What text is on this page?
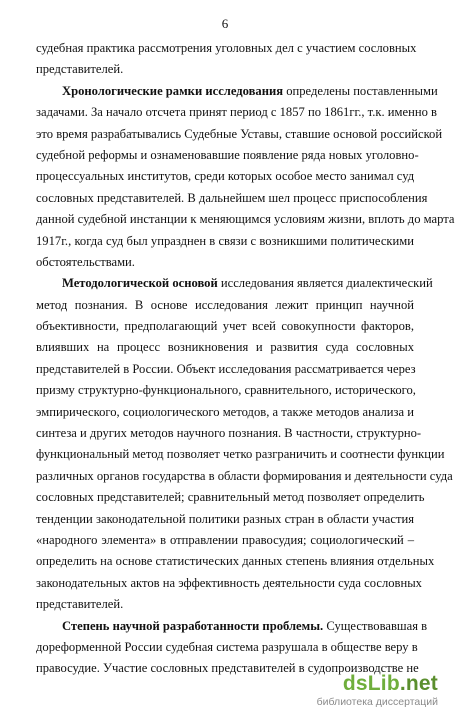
6
судебная практика рассмотрения уголовных дел с участием сословных
представителей.
Хронологические рамки исследования определены поставленными
задачами. За начало отсчета принят период с 1857 по 1861гг., т.к. именно в
это время разрабатывались Судебные Уставы, ставшие основой российской
судебной реформы и ознаменовавшие появление ряда новых уголовно-
процессуальных институтов, среди которых особое место занимал суд
сословных представителей. В дальнейшем шел процесс приспособления
данной судебной инстанции к меняющимся условиям жизни, вплоть до марта
1917г., когда суд был упразднен в связи с возникшими политическими
обстоятельствами.
Методологической основой исследования является диалектический
метод познания. В основе исследования лежит принцип научной
объективности, предполагающий учет всей совокупности факторов,
влиявших на процесс возникновения и развития суда сословных
представителей в России. Объект исследования рассматривается через
призму структурно-функционального, сравнительного, исторического,
эмпирического, социологического методов, а также методов анализа и
синтеза и других методов научного познания. В частности, структурно-
функциональный метод позволяет четко разграничить и соотнести функции
различных органов государства в области формирования и деятельности суда
сословных представителей; сравнительный метод позволяет определить
тенденции законодательной политики разных стран в области участия
«народного элемента» в отправлении правосудия; социологический –
определить на основе статистических данных степень влияния отдельных
законодательных актов на эффективность деятельности суда сословных
представителей.
Степень научной разработанности проблемы. Существовавшая в
дореформенной России судебная система разрушала в обществе веру в
правосудие. Участие сословных представителей в судопроизводстве не
dsLib.net
библиотека диссертаций
